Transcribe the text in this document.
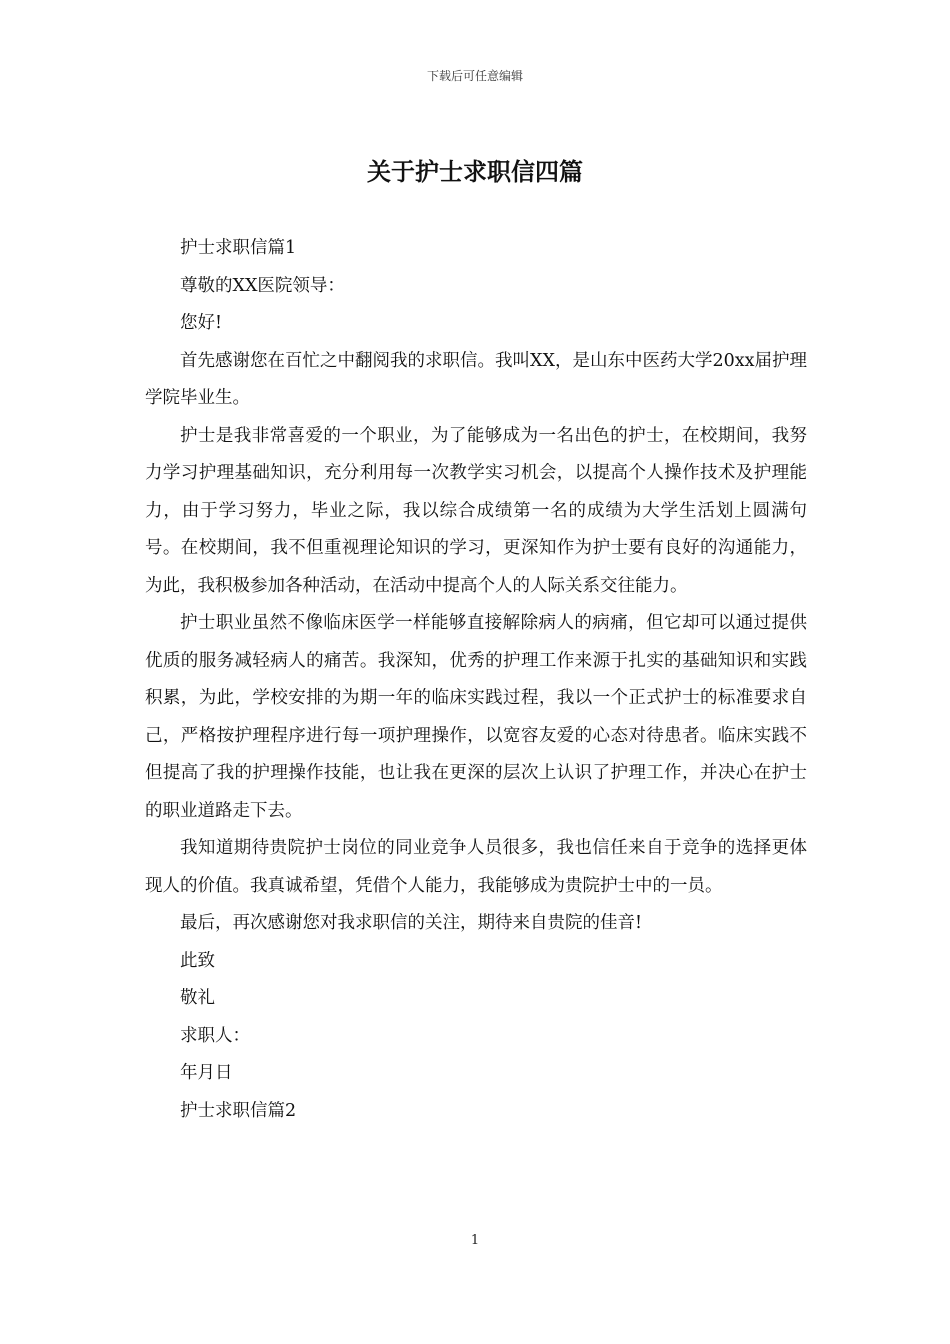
下载后可任意编辑
关于护士求职信四篇

护士求职信篇1

尊敬的XX医院领导：

您好!

首先感谢您在百忙之中翻阅我的求职信。我叫XX，是山东中医药大学20xx届护理学院毕业生。

护士是我非常喜爱的一个职业，为了能够成为一名出色的护士，在校期间，我努力学习护理基础知识，充分利用每一次教学实习机会，以提高个人操作技术及护理能力，由于学习努力，毕业之际，我以综合成绩第一名的成绩为大学生活划上圆满句号。在校期间，我不但重视理论知识的学习，更深知作为护士要有良好的沟通能力，为此，我积极参加各种活动，在活动中提高个人的人际关系交往能力。

护士职业虽然不像临床医学一样能够直接解除病人的病痛，但它却可以通过提供优质的服务减轻病人的痛苦。我深知，优秀的护理工作来源于扎实的基础知识和实践积累，为此，学校安排的为期一年的临床实践过程，我以一个正式护士的标准要求自己，严格按护理程序进行每一项护理操作，以宽容友爱的心态对待患者。临床实践不但提高了我的护理操作技能，也让我在更深的层次上认识了护理工作，并决心在护士的职业道路走下去。

我知道期待贵院护士岗位的同业竞争人员很多，我也信任来自于竞争的选择更体现人的价值。我真诚希望，凭借个人能力，我能够成为贵院护士中的一员。

最后，再次感谢您对我求职信的关注，期待来自贵院的佳音!

此致

敬礼

求职人：

年月日

护士求职信篇2

1
